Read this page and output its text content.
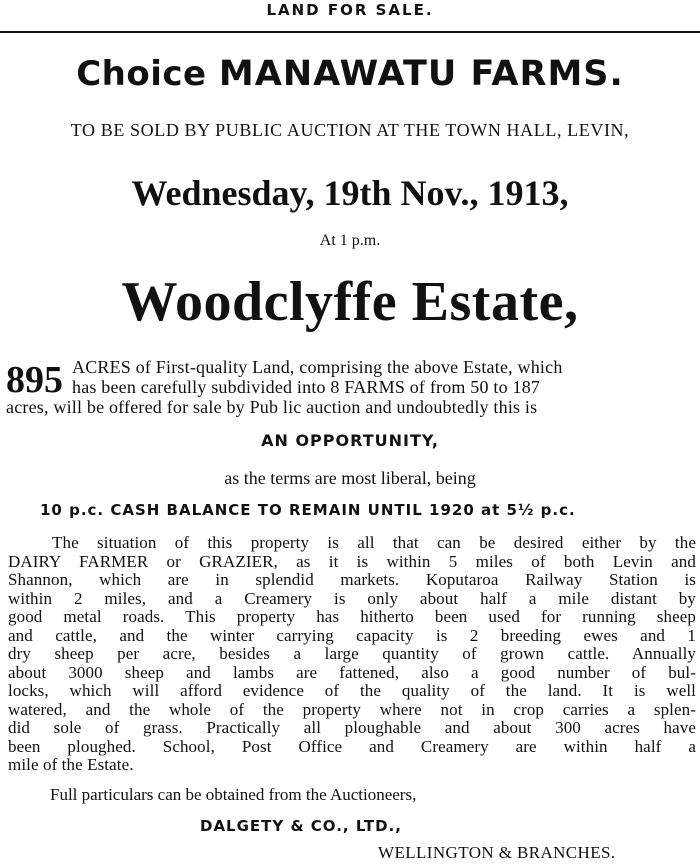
LAND FOR SALE.
Choice MANAWATU FARMS.
TO BE SOLD BY PUBLIC AUCTION AT THE TOWN HALL, LEVIN,
Wednesday, 19th Nov., 1913,
At 1 p.m.
Woodclyffe Estate,
895 ACRES of First-quality Land, comprising the above Estate, which
has been carefully subdivided into 8 FARMS of from 50 to 187
acres, will be offered for sale by Pub lic auction and undoubtedly this is
AN OPPORTUNITY,
as the terms are most liberal, being
10 p.c. CASH BALANCE TO REMAIN UNTIL 1920 at 5½ p.c.
The situation of this property is all that can be desired either by the
DAIRY FARMER or GRAZIER, as it is within 5 miles of both Levin and
Shannon, which are in splendid markets. Koputaroa Railway Station is
within 2 miles, and a Creamery is only about half a mile distant by
good metal roads. This property has hitherto been used for running sheep
and cattle, and the winter carrying capacity is 2 breeding ewes and 1
dry sheep per acre, besides a large quantity of grown cattle. Annually
about 3000 sheep and lambs are fattened, also a good number of bul-
locks, which will afford evidence of the quality of the land. It is well
watered, and the whole of the property where not in crop carries a splen-
did sole of grass. Practically all ploughable and about 300 acres have
been ploughed. School, Post Office and Creamery are within half a
mile of the Estate.
Full particulars can be obtained from the Auctioneers,
DALGETY & CO., LTD.,
WELLINGTON & BRANCHES.
